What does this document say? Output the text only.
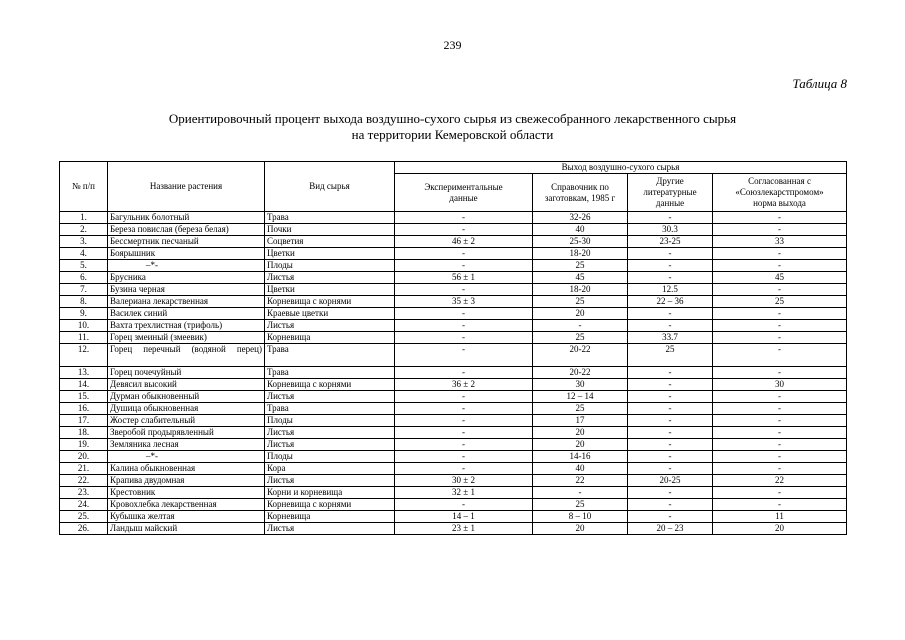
239
Таблица 8
Ориентировочный процент выхода воздушно-сухого сырья из свежесобранного лекарственного сырья
на территории Кемеровской области
№ п/п	Название растения	Вид сырья	Выход воздушно-сухого сырья			
			Экспериментальные данные	Справочник по заготовкам, 1985 г	Другие литературные данные	Согласованная с «Союзлекарстпромом» норма выхода
1.	Багульник болотный	Трава	-	32-26	-	-
2.	Береза повислая (береза белая)	Почки	-	40	30.3	-
3.	Бессмертник песчаный	Соцветия	46 ± 2	25-30	23-25	33
4.	Боярышник	Цветки	-	18-20	-	-
5.	–*-	Плоды	-	25	-	-
6.	Брусника	Листья	56 ± 1	45	-	45
7.	Бузина черная	Цветки	-	18-20	12.5	-
8.	Валериана лекарственная	Корневища с корнями	35 ± 3	25	22 – 36	25
9.	Василек синий	Краевые цветки	-	20	-	-
10.	Вахта трехлистная (трифоль)	Листья	-	-	-	-
11.	Горец змеиный (змеевик)	Корневища	-	25	33.7	-
12.	Горец перечный (водяной перец)	Трава	-	20-22	25	-
13.	Горец почечуйный	Трава	-	20-22	-	-
14.	Девясил высокий	Корневища с корнями	36 ± 2	30	-	30
15.	Дурман обыкновенный	Листья	-	12 – 14	-	-
16.	Душица обыкновенная	Трава	-	25	-	-
17.	Жостер слабительный	Плоды	-	17	-	-
18.	Зверобой продырявленный	Листья	-	20	-	-
19.	Земляника лесная	Листья	-	20	-	-
20.	–*-	Плоды	-	14-16	-	-
21.	Калина обыкновенная	Кора	-	40	-	-
22.	Крапива двудомная	Листья	30 ± 2	22	20-25	22
23.	Крестовник	Корни и корневища	32 ± 1	-	-	-
24.	Кровохлебка лекарственная	Корневища с корнями	-	25	-	-
25.	Кубышка желтая	Корневища	14 – 1	8 – 10	-	11
26.	Ландыш майский	Листья	23 ± 1	20	20 – 23	20
